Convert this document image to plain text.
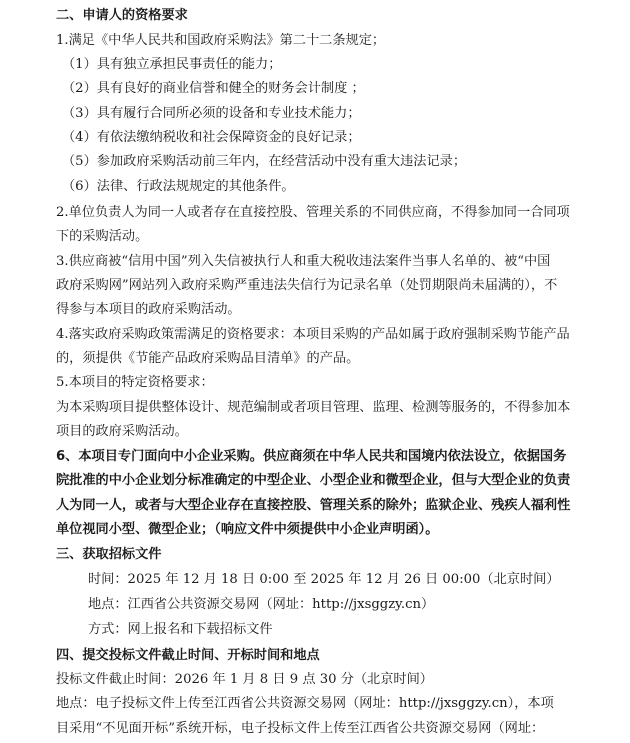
二、申请人的资格要求
1.满足《中华人民共和国政府采购法》第二十二条规定；
（1）具有独立承担民事责任的能力；
（2）具有良好的商业信誉和健全的财务会计制度 ；
（3）具有履行合同所必须的设备和专业技术能力；
（4）有依法缴纳税收和社会保障资金的良好记录；
（5）参加政府采购活动前三年内，在经营活动中没有重大违法记录；
（6）法律、行政法规规定的其他条件。
2.单位负责人为同一人或者存在直接控股、管理关系的不同供应商，不得参加同一合同项
下的采购活动。
3.供应商被“信用中国”列入失信被执行人和重大税收违法案件当事人名单的、被“中国
政府采购网”网站列入政府采购严重违法失信行为记录名单（处罚期限尚未届满的），不
得参与本项目的政府采购活动。
4.落实政府采购政策需满足的资格要求：本项目采购的产品如属于政府强制采购节能产品
的，须提供《节能产品政府采购品目清单》的产品。
5.本项目的特定资格要求：
为本采购项目提供整体设计、规范编制或者项目管理、监理、检测等服务的，不得参加本
项目的政府采购活动。
6、本项目专门面向中小企业采购。供应商须在中华人民共和国境内依法设立，依据国务
院批准的中小企业划分标准确定的中型企业、小型企业和微型企业，但与大型企业的负责
人为同一人，或者与大型企业存在直接控股、管理关系的除外；监狱企业、残疾人福利性
单位视同小型、微型企业；（响应文件中须提供中小企业声明函）。
三、获取招标文件
时间：2025 年 12 月 18 日 0:00 至 2025 年 12 月 26 日 00:00（北京时间）
地点：江西省公共资源交易网（网址：http://jxsggzy.cn）
方式：网上报名和下载招标文件
四、提交投标文件截止时间、开标时间和地点
投标文件截止时间：2026 年 1 月 8 日 9 点 30 分（北京时间）
地点：电子投标文件上传至江西省公共资源交易网（网址：http://jxsggzy.cn），本项
目采用“不见面开标”系统开标，电子投标文件上传至江西省公共资源交易网（网址：
